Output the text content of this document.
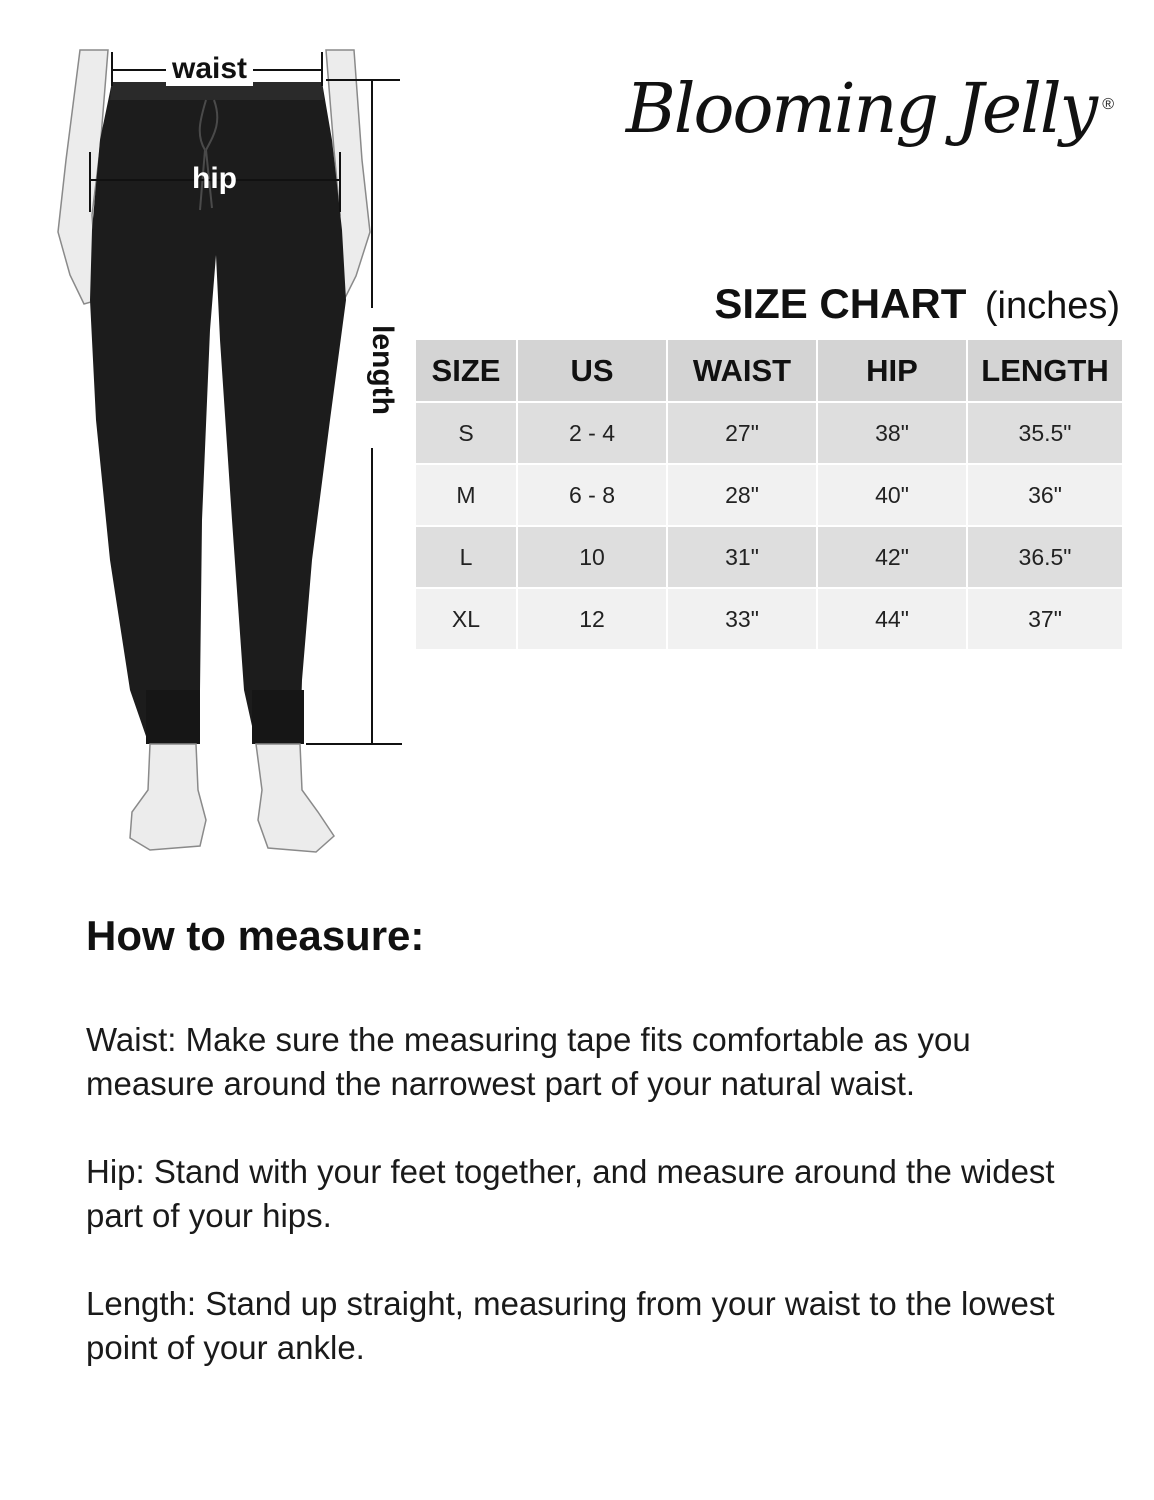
waist
hip
length
Blooming Jelly ®
SIZE CHART (inches)
SIZE	US	WAIST	HIP	LENGTH
S	2 - 4	27"	38"	35.5"
M	6 - 8	28"	40"	36"
L	10	31"	42"	36.5"
XL	12	33"	44"	37"
How to measure:

Waist: Make sure the measuring tape fits comfortable as you measure around the narrowest part of your natural waist.

Hip: Stand with your feet together, and measure around the widest part of your hips.

Length: Stand up straight, measuring from your waist to the lowest point of your ankle.
